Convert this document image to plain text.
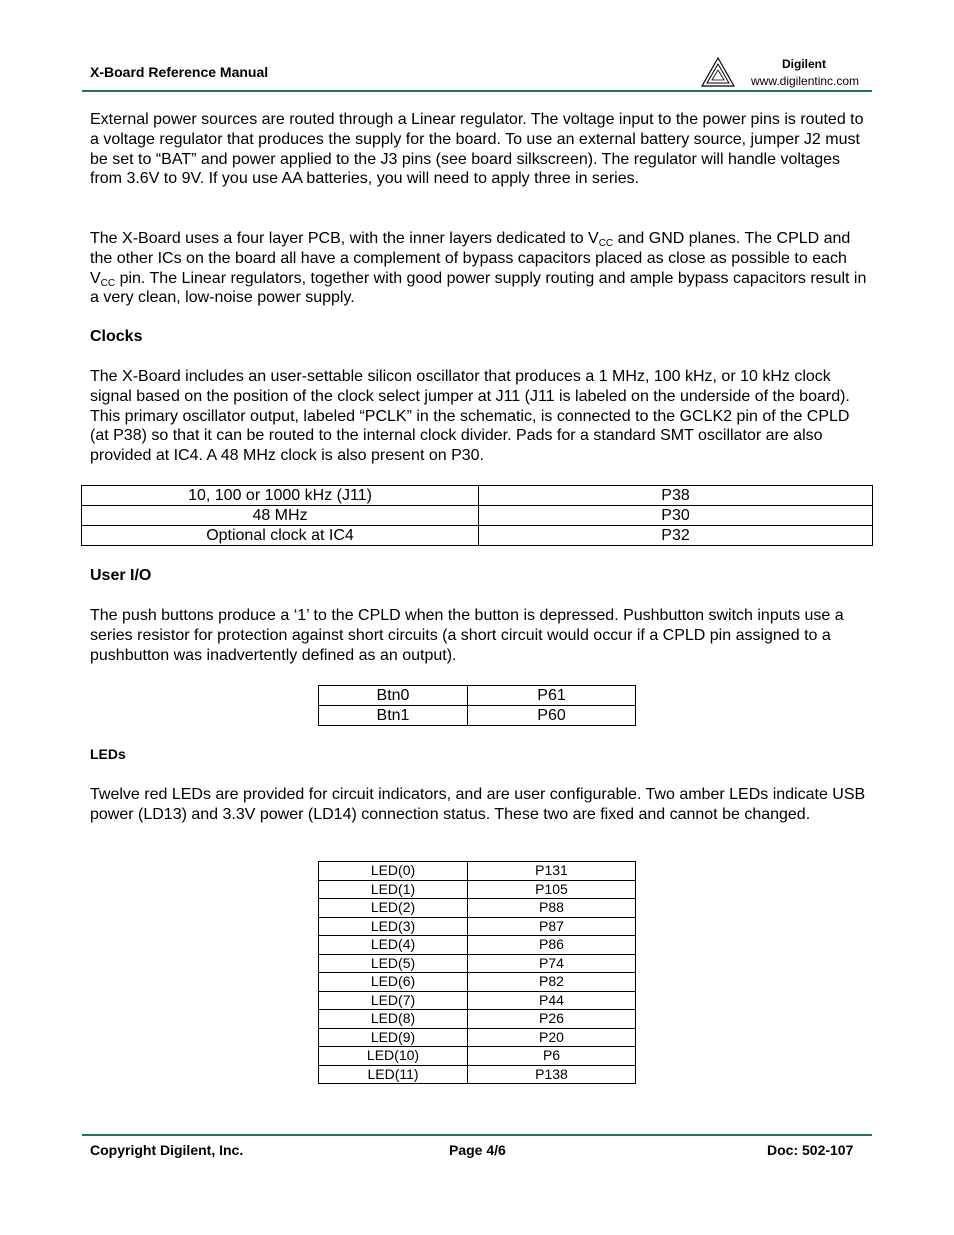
X-Board Reference Manual	Digilent
www.digilentinc.com

External power sources are routed through a Linear regulator. The voltage input to the power pins is routed to a voltage regulator that produces the supply for the board. To use an external battery source, jumper J2 must be set to “BAT” and power applied to the J3 pins (see board silkscreen). The regulator will handle voltages from 3.6V to 9V. If you use AA batteries, you will need to apply three in series.

The X-Board uses a four layer PCB, with the inner layers dedicated to $V_{CC}$ and GND planes. The CPLD and the other ICs on the board all have a complement of bypass capacitors placed as close as possible to each $V_{CC}$ pin. The Linear regulators, together with good power supply routing and ample bypass capacitors result in a very clean, low-noise power supply.

Clocks

The X-Board includes an user-settable silicon oscillator that produces a 1 MHz, 100 kHz, or 10 kHz clock signal based on the position of the clock select jumper at J11 (J11 is labeled on the underside of the board). This primary oscillator output, labeled “PCLK” in the schematic, is connected to the GCLK2 pin of the CPLD (at P38) so that it can be routed to the internal clock divider. Pads for a standard SMT oscillator are also provided at IC4. A 48 MHz clock is also present on P30.

10, 100 or 1000 kHz (J11)	P38
48 MHz	P30
Optional clock at IC4	P32
User I/O

The push buttons produce a ‘1’ to the CPLD when the button is depressed. Pushbutton switch inputs use a series resistor for protection against short circuits (a short circuit would occur if a CPLD pin assigned to a pushbutton was inadvertently defined as an output).

Btn0	P61
Btn1	P60
LEDs

Twelve red LEDs are provided for circuit indicators, and are user configurable. Two amber LEDs indicate USB power (LD13) and 3.3V power (LD14) connection status. These two are fixed and cannot be changed.

LED(0)	P131
LED(1)	P105
LED(2)	P88
LED(3)	P87
LED(4)	P86
LED(5)	P74
LED(6)	P82
LED(7)	P44
LED(8)	P26
LED(9)	P20
LED(10)	P6
LED(11)	P138
Copyright Digilent, Inc.	Page 4/6	Doc: 502-107
